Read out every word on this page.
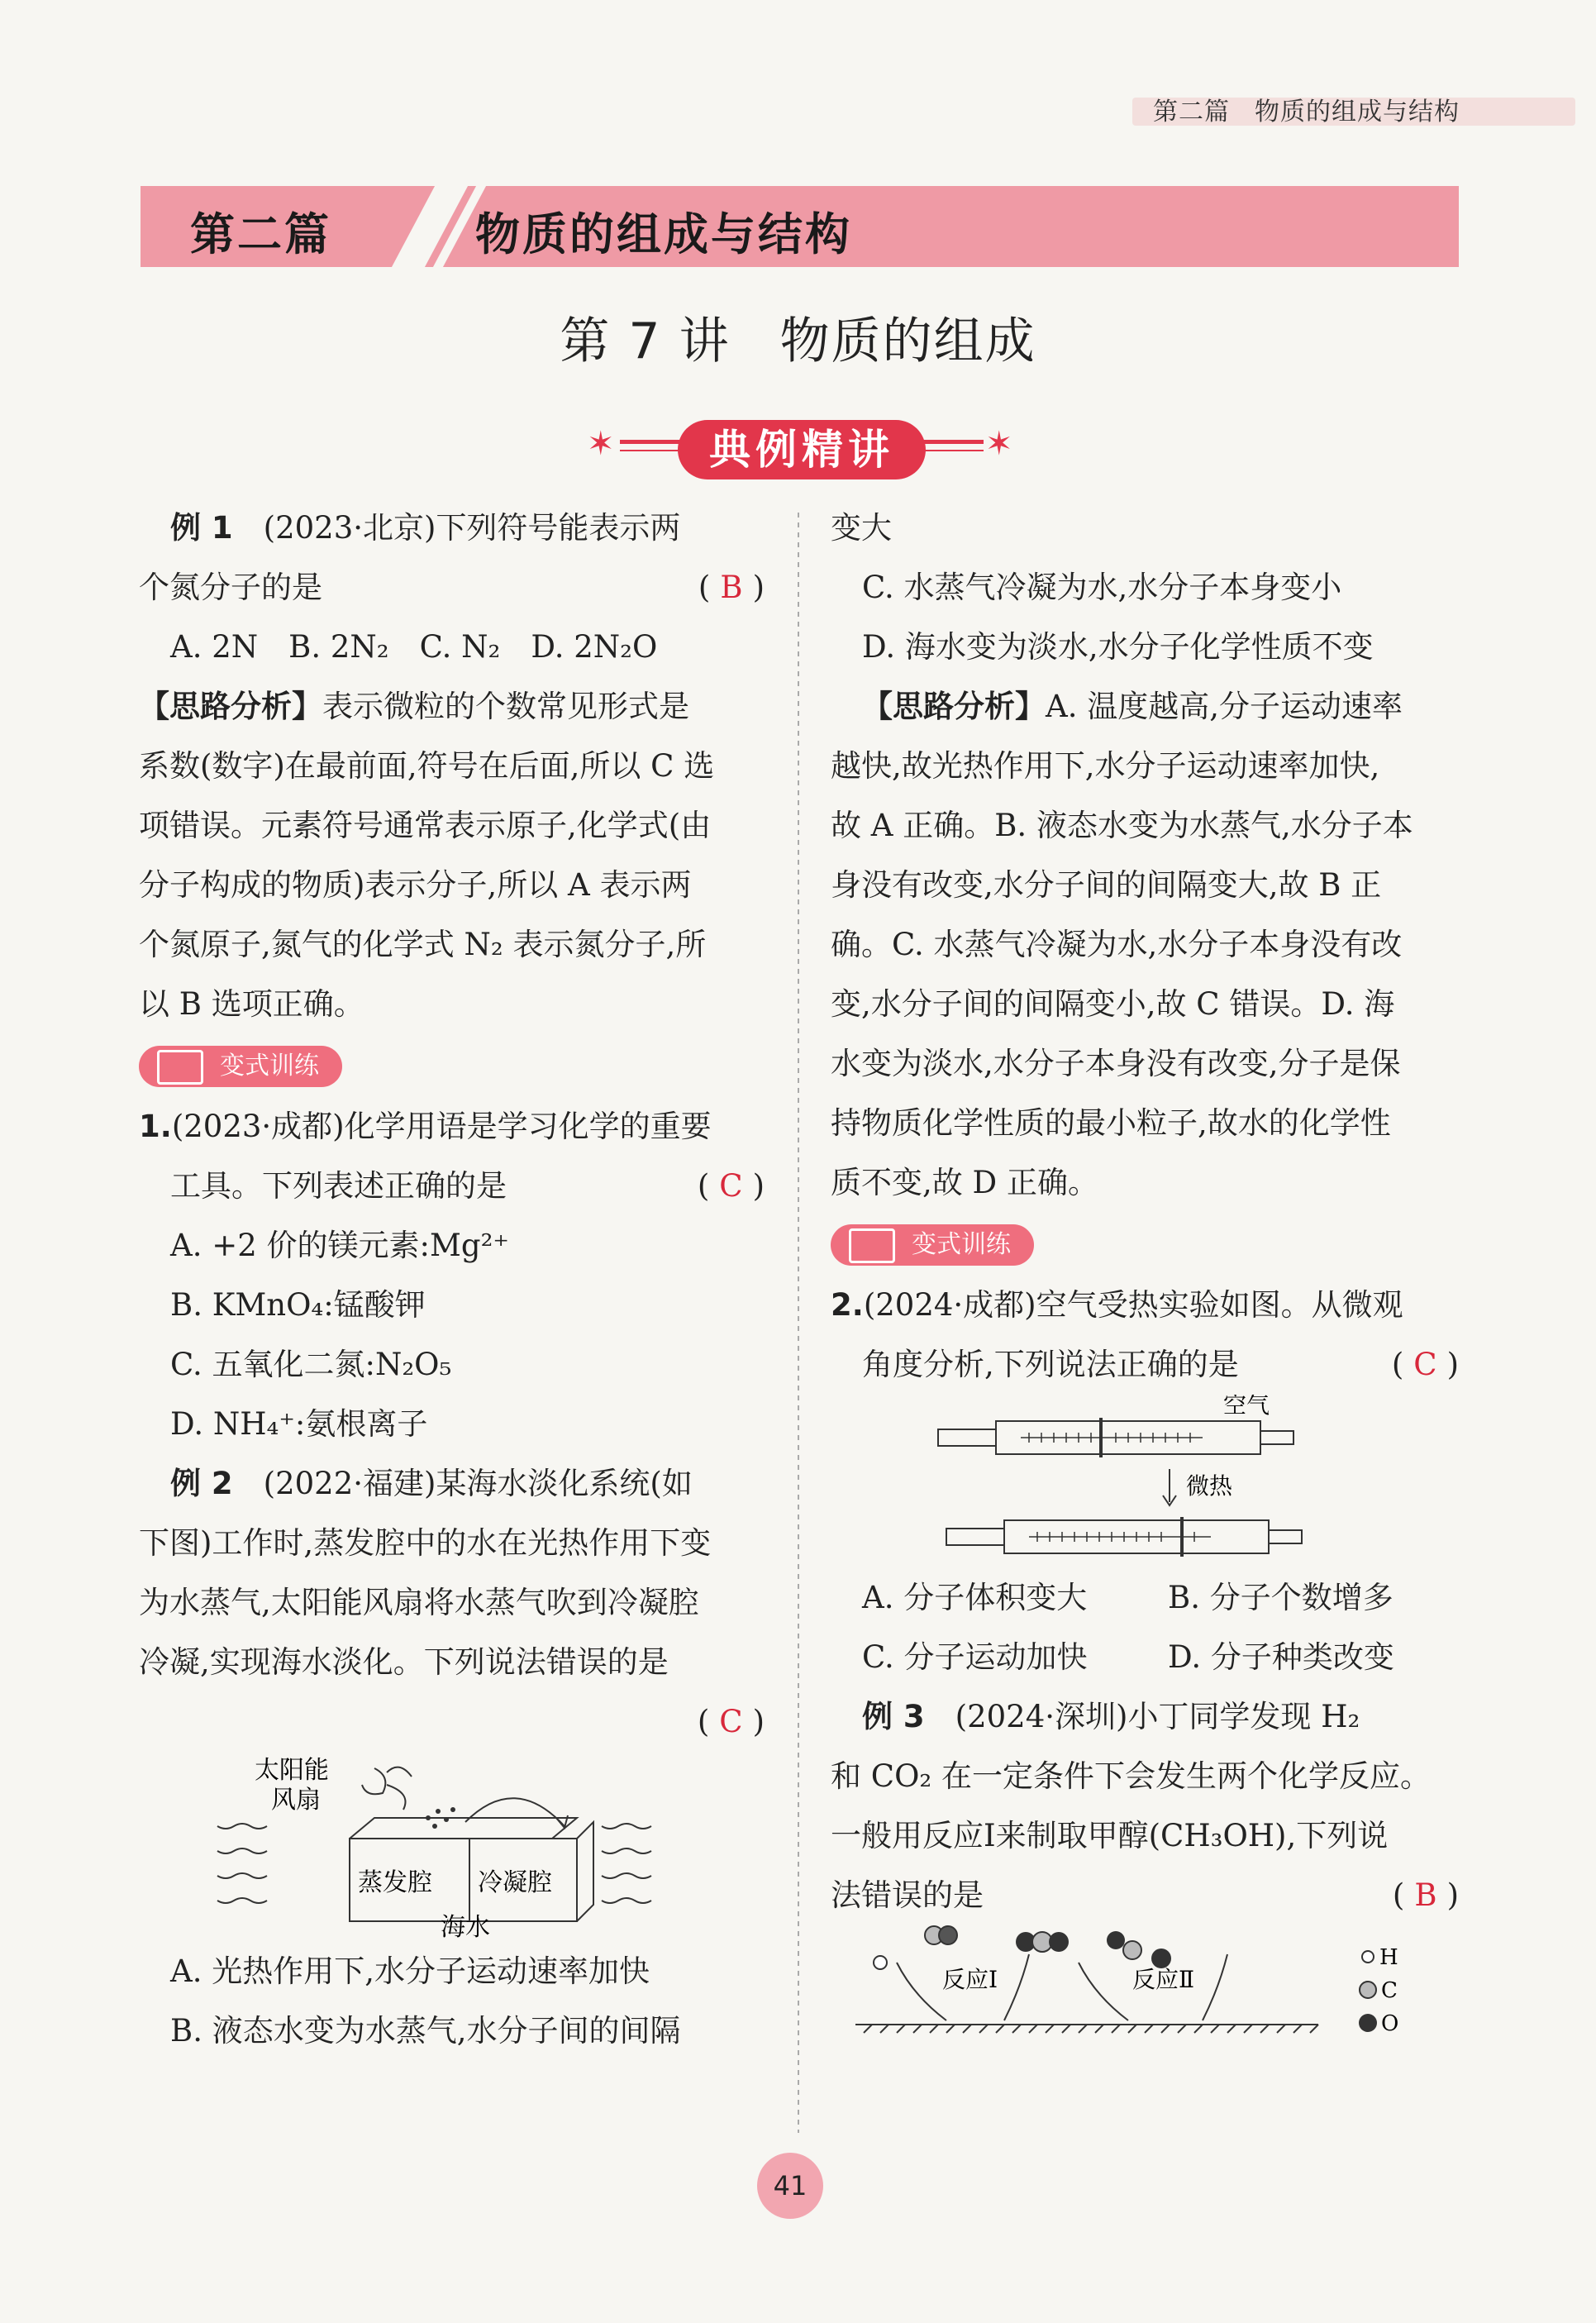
第二篇 物质的组成与结构
第二篇	物质的组成与结构
第 7 讲 物质的组成
✶	典例精讲	✶

例 1　 (2023·北京)下列符号能表示两

个氮分子的是	( B )

A. 2N　 B. 2N₂　 C. N₂　 D. 2N₂O

【思路分析】表示微粒的个数常见形式是

系数(数字)在最前面,符号在后面,所以 C 选

项错误。元素符号通常表示原子,化学式(由

分子构成的物质)表示分子,所以 A 表示两

个氮原子,氮气的化学式 N₂ 表示氮分子,所

以 B 选项正确。

变式训练

1.(2023·成都)化学用语是学习化学的重要

工具。下列表述正确的是	( C )

A. +2 价的镁元素:Mg²⁺

B. KMnO₄:锰酸钾

C. 五氧化二氮:N₂O₅

D. NH₄⁺:氨根离子

例 2　 (2022·福建)某海水淡化系统(如

下图)工作时,蒸发腔中的水在光热作用下变

为水蒸气,太阳能风扇将水蒸气吹到冷凝腔

冷凝,实现海水淡化。下列说法错误的是

( C )

太阳能
风扇
蒸发腔 冷凝腔
海水

A. 光热作用下,水分子运动速率加快

B. 液态水变为水蒸气,水分子间的间隔

变大

C. 水蒸气冷凝为水,水分子本身变小

D. 海水变为淡水,水分子化学性质不变

【思路分析】A. 温度越高,分子运动速率

越快,故光热作用下,水分子运动速率加快,

故 A 正确。B. 液态水变为水蒸气,水分子本

身没有改变,水分子间的间隔变大,故 B 正

确。C. 水蒸气冷凝为水,水分子本身没有改

变,水分子间的间隔变小,故 C 错误。D. 海

水变为淡水,水分子本身没有改变,分子是保

持物质化学性质的最小粒子,故水的化学性

质不变,故 D 正确。

变式训练

2.(2024·成都)空气受热实验如图。从微观

角度分析,下列说法正确的是	( C )

空气
微热

A. 分子体积变大	B. 分子个数增多

C. 分子运动加快	D. 分子种类改变

例 3　 (2024·深圳)小丁同学发现 H₂

和 CO₂ 在一定条件下会发生两个化学反应。

一般用反应Ⅰ来制取甲醇(CH₃OH),下列说

法错误的是	( B )

反应Ⅰ	反应Ⅱ
H
C
O
41
